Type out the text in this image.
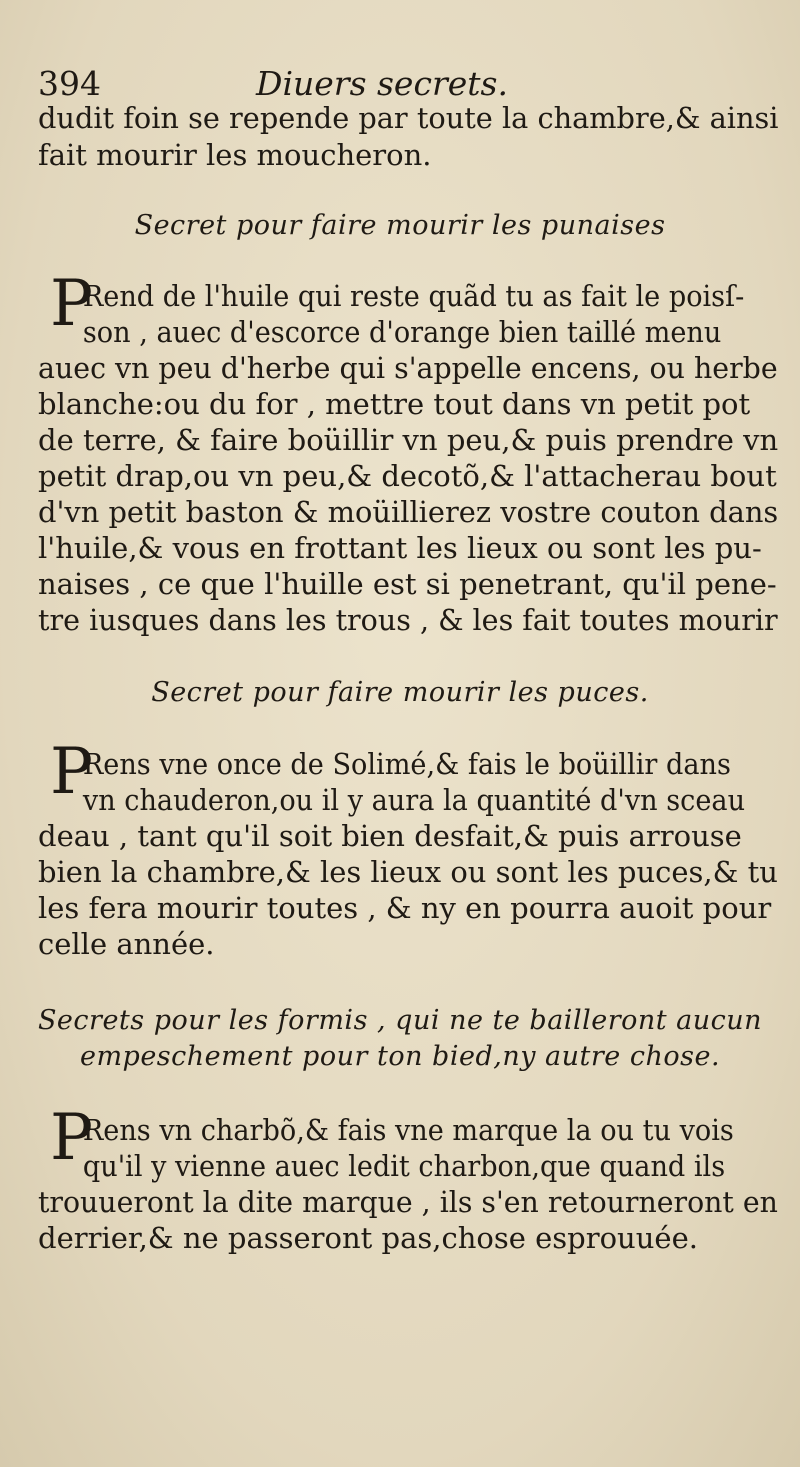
394	Diuers secrets.
dudit foin se repende par toute la chambre,& ainsi
fait mourir les moucheron.
Secret pour faire mourir les punaises
P
Rend de l'huile qui reste quãd tu as fait le poisſ-
son , auec d'escorce d'orange bien taillé menu
auec vn peu d'herbe qui s'appelle encens, ou herbe
blanche:ou du for , mettre tout dans vn petit pot
de terre, & faire boüillir vn peu,& puis prendre vn
petit drap,ou vn peu,& decotõ,& l'attacherau bout
d'vn petit baston & moüillierez vostre couton dans
l'huile,& vous en frottant les lieux ou sont les pu-
naises , ce que l'huille est si penetrant, qu'il pene-
tre iusques dans les trous , & les fait toutes mourir
Secret pour faire mourir les puces.
P
Rens vne once de Solimé,& fais le boüillir dans
vn chauderon,ou il y aura la quantité d'vn sceau
deau , tant qu'il soit bien desfait,& puis arrouse
bien la chambre,& les lieux ou sont les puces,& tu
les fera mourir toutes , & ny en pourra auoit pour
celle année.
Secrets pour les formis , qui ne te bailleront aucun
empeschement pour ton bied,ny autre chose.
P
Rens vn charbõ,& fais vne marque la ou tu vois
qu'il y vienne auec ledit charbon,que quand ils
trouueront la dite marque , ils s'en retourneront en
derrier,& ne passeront pas,chose esprouuée.
